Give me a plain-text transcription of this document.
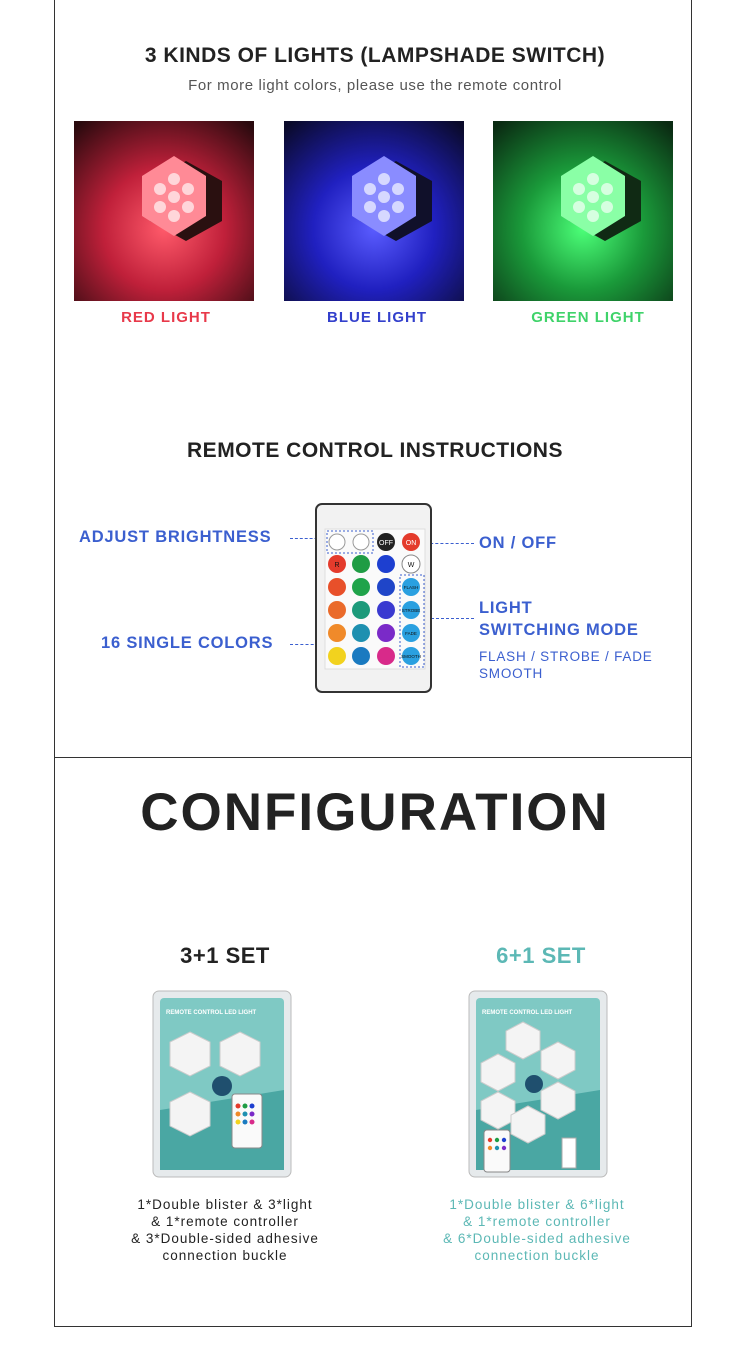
3 KINDS OF LIGHTS (LAMPSHADE SWITCH)
For more light colors, please use the remote control
RED LIGHT	BLUE LIGHT	GREEN LIGHT
REMOTE CONTROL INSTRUCTIONS
ADJUST BRIGHTNESS
16 SINGLE COLORS
ON / OFF
LIGHT
SWITCHING MODE
FLASH / STROBE / FADE
SMOOTH
OFF ON
R	W
FLASH
STROBE
FADE
SMOOTH
CONFIGURATION
3+1 SET	6+1 SET
REMOTE CONTROL LED LIGHT	REMOTE CONTROL LED LIGHT
1*Double blister & 3*light
& 1*remote controller
& 3*Double-sided adhesive
connection buckle
1*Double blister & 6*light
& 1*remote controller
& 6*Double-sided adhesive
connection buckle
